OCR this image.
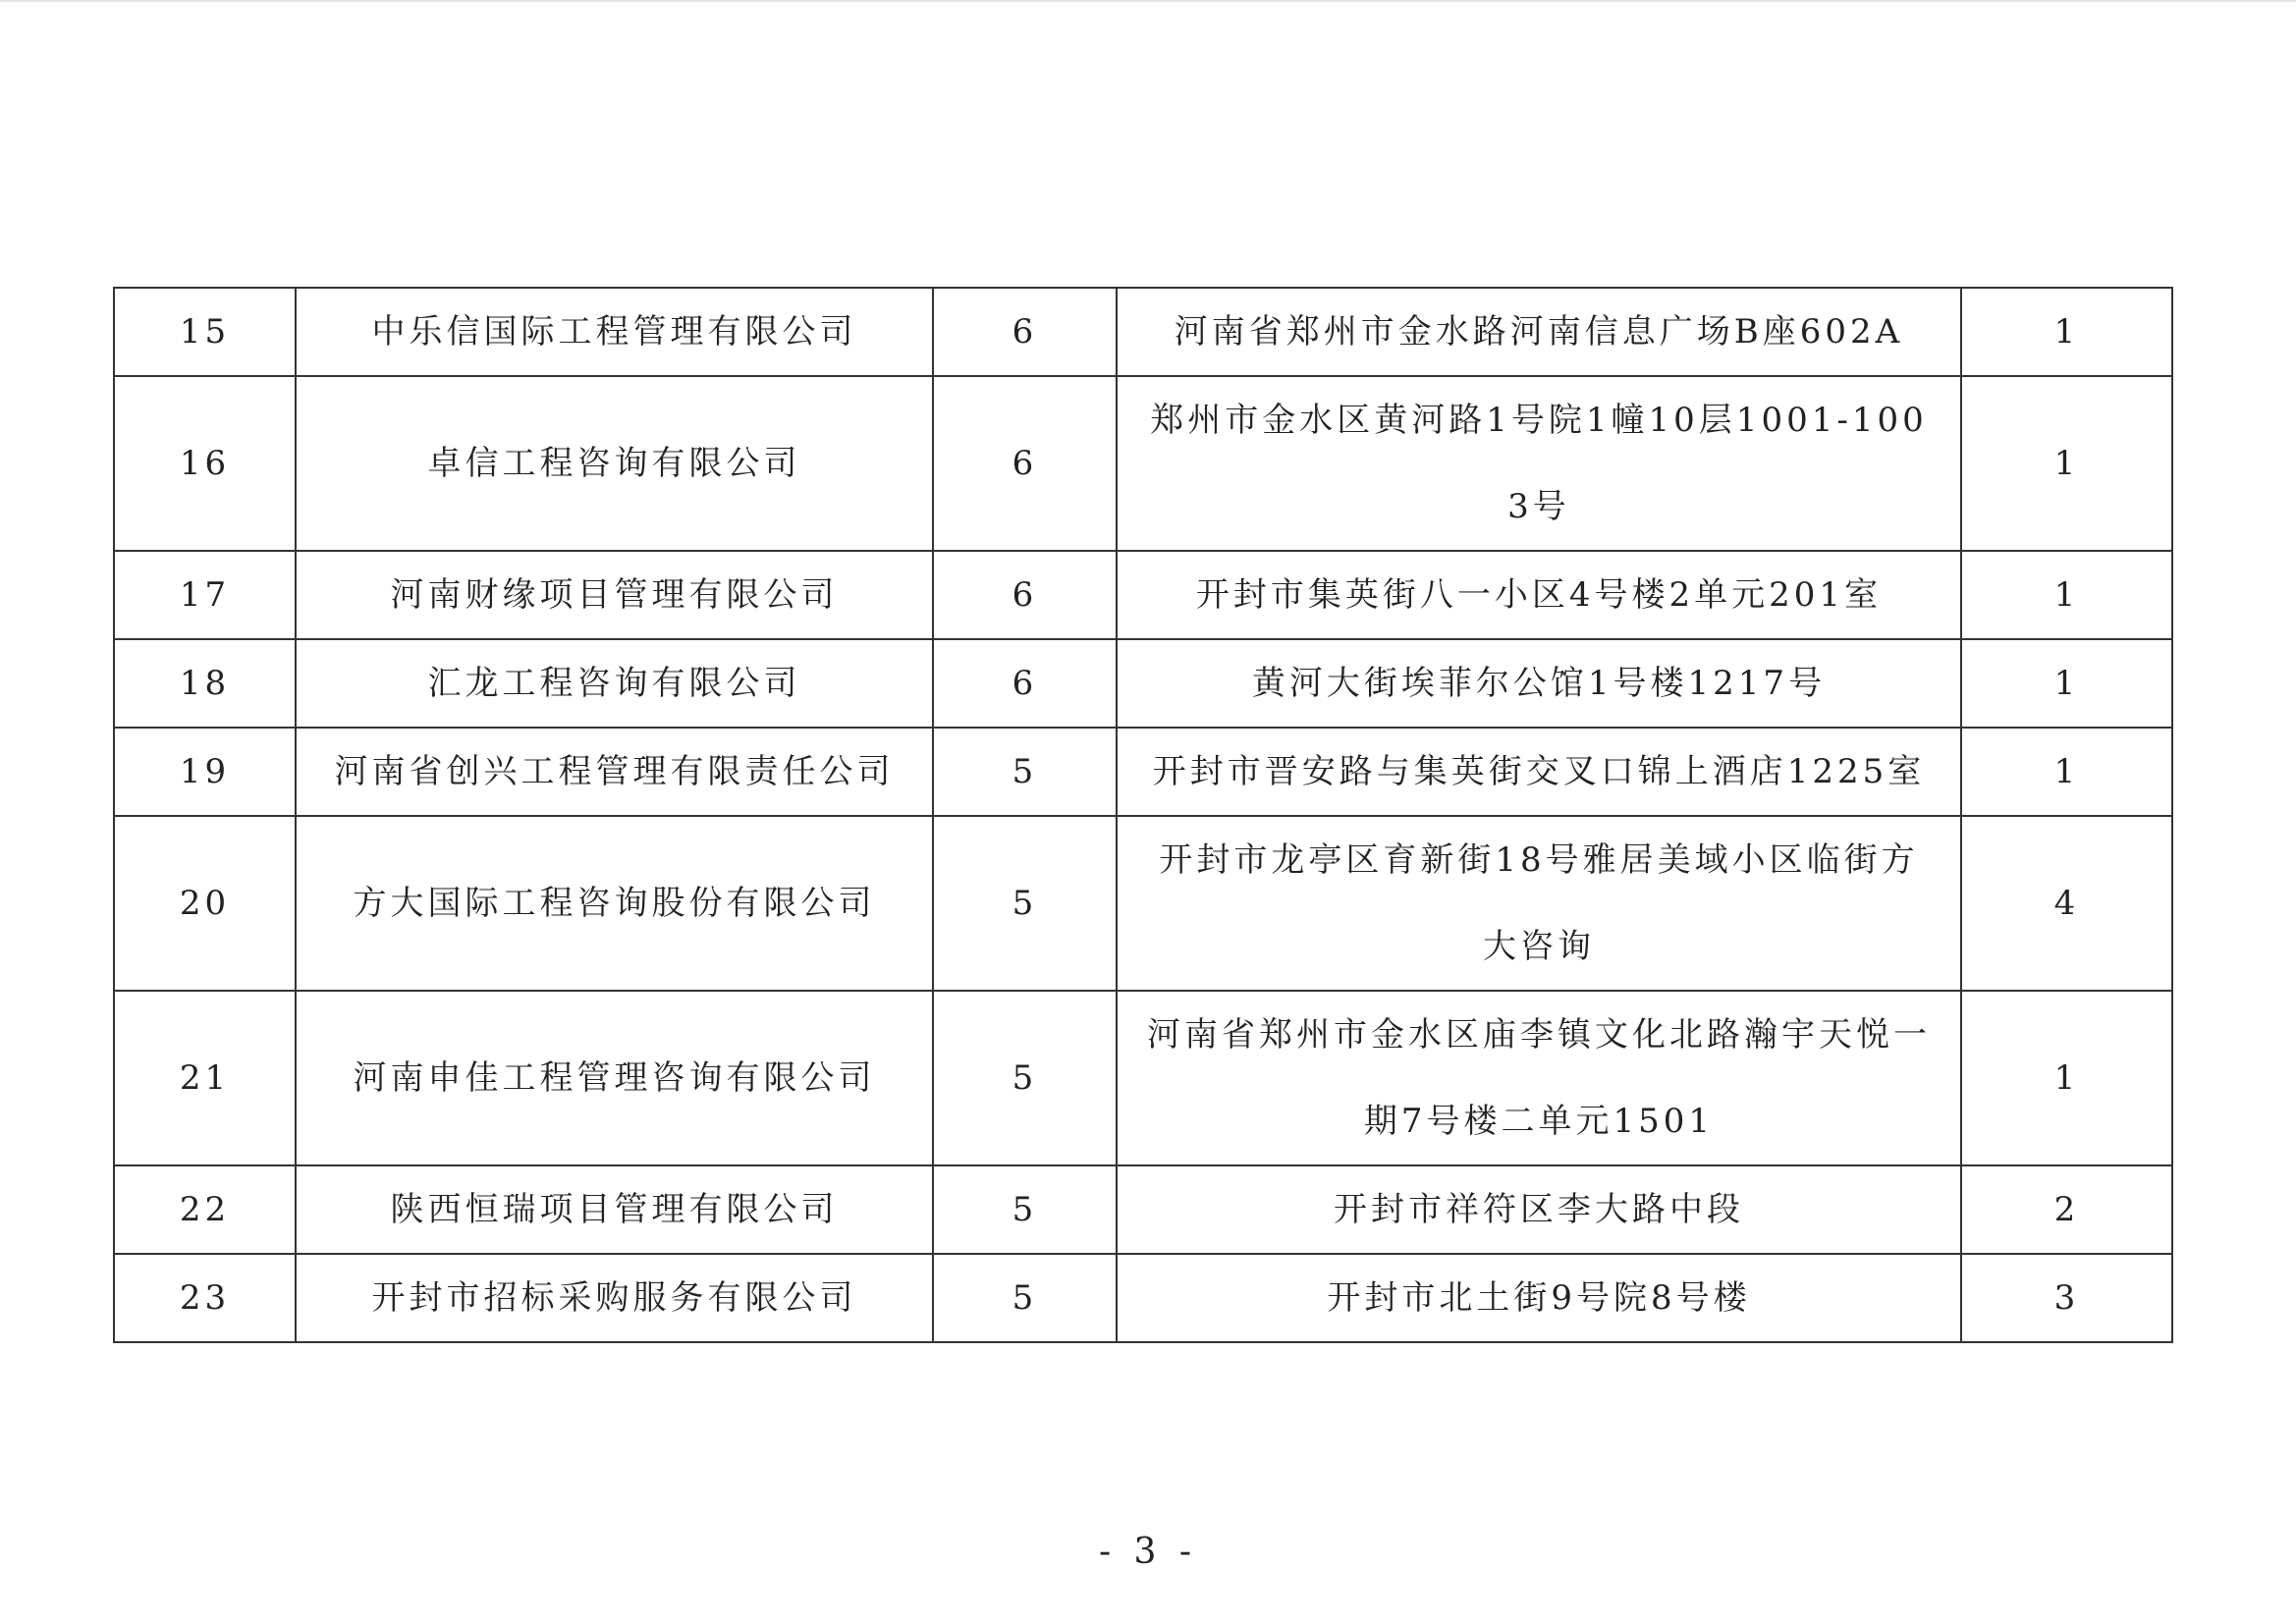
15	中乐信国际工程管理有限公司	6	河南省郑州市金水路河南信息广场B座602A	1
16	卓信工程咨询有限公司	6	郑州市金水区黄河路1号院1幢10层1001-1003号	1
17	河南财缘项目管理有限公司	6	开封市集英街八一小区4号楼2单元201室	1
18	汇龙工程咨询有限公司	6	黄河大街埃菲尔公馆1号楼1217号	1
19	河南省创兴工程管理有限责任公司	5	开封市晋安路与集英街交叉口锦上酒店1225室	1
20	方大国际工程咨询股份有限公司	5	开封市龙亭区育新街18号雅居美域小区临街方大咨询	4
21	河南申佳工程管理咨询有限公司	5	河南省郑州市金水区庙李镇文化北路瀚宇天悦一期7号楼二单元1501	1
22	陕西恒瑞项目管理有限公司	5	开封市祥符区李大路中段	2
23	开封市招标采购服务有限公司	5	开封市北土街9号院8号楼	3
- 3 -
